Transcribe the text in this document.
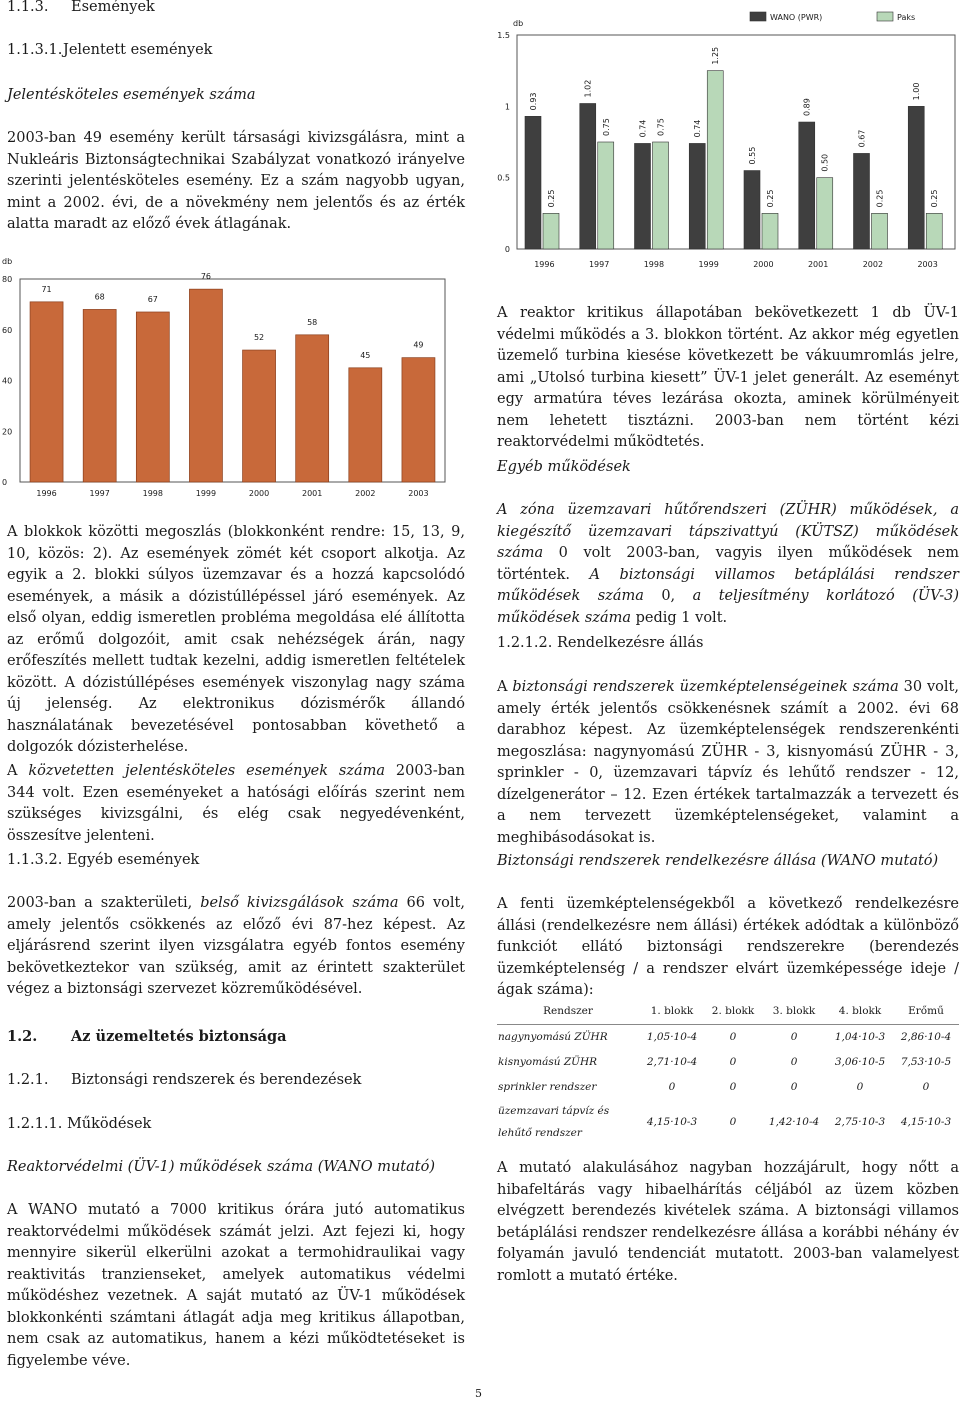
1.1.3. Események
1.1.3.1. Jelentett események
Jelentésköteles események száma

2003-ban 49 esemény került társasági kivizsgálásra, mint a Nukleáris Biztonságtechnikai Szabályzat vonatkozó irányelve szerinti jelentésköteles esemény. Ez a szám nagyobb ugyan, mint a 2002. évi, de a növekmény nem jelentős és az érték alatta maradt az előző évek átlagának.

db
0
20
40
60
80
71
1996
68
1997
67
1998
76
1999
52
2000
58
2001
45
2002
49
2003

A blokkok közötti megoszlás (blokkonként rendre: 15, 13, 9, 10, közös: 2). Az események zömét két csoport alkotja. Az egyik a 2. blokki súlyos üzemzavar és a hozzá kapcsolódó események, a másik a dózistúllépéssel járó események. Az első olyan, eddig ismeretlen probléma megoldása elé állította az erőmű dolgozóit, amit csak nehézségek árán, nagy erőfeszítés mellett tudtak kezelni, addig ismeretlen feltételek között. A dózistúllépéses események viszonylag nagy száma új jelenség. Az elektronikus dózismérők állandó használatának bevezetésével pontosabban követhető a dolgozók dózisterhelése.

A közvetetten jelentésköteles események száma 2003-ban 344 volt. Ezen eseményeket a hatósági előírás szerint nem szükséges kivizsgálni, és elég csak negyedévenként, összesítve jelenteni.

1.1.3.2. Egyéb események

2003-ban a szakterületi, belső kivizsgálások száma 66 volt, amely jelentős csökkenés az előző évi 87-hez képest. Az eljárásrend szerint ilyen vizsgálatra egyéb fontos esemény bekövetkeztekor van szükség, amit az érintett szakterület végez a biztonsági szervezet közreműködésével.

1.2. Az üzemeltetés biztonsága
1.2.1. Biztonsági rendszerek és berendezések
1.2.1.1. Működések
Reaktorvédelmi (ÜV-1) működések száma (WANO mutató)

A WANO mutató a 7000 kritikus órára jutó automatikus reaktorvédelmi működések számát jelzi. Azt fejezi ki, hogy mennyire sikerül elkerülni azokat a termohidraulikai vagy reaktivitás tranzienseket, amelyek automatikus védelmi működéshez vezetnek. A saját mutató az ÜV-1 működések blokkonkénti számtani átlagát adja meg kritikus állapotban, nem csak az automatikus, hanem a kézi működtetéseket is figyelembe véve.

db
0
0.5
1
1.5
WANO (PWR)	Paks
0.93
0.25
1996
1.02
0.75
1997
0.74 0.75
1998
0.74
1.25
1999
0.55
0.25
2000
0.89
0.50
2001
0.67
0.25
2002
1.00
0.25
2003

A reaktor kritikus állapotában bekövetkezett 1 db ÜV-1 védelmi működés a 3. blokkon történt. Az akkor még egyetlen üzemelő turbina kiesése következett be vákuumromlás jelre, ami „Utolsó turbina kiesett” ÜV-1 jelet generált. Az eseményt egy armatúra téves lezárása okozta, aminek körülményeit nem lehetett tisztázni. 2003-ban nem történt kézi reaktorvédelmi működtetés.

Egyéb működések

A zóna üzemzavari hűtőrendszeri (ZÜHR) működések, a kiegészítő üzemzavari tápszivattyú (KÜTSZ) működések száma 0 volt 2003-ban, vagyis ilyen működések nem történtek. A biztonsági villamos betáplálási rendszer működések száma 0, a teljesítmény korlátozó (ÜV-3) működések száma pedig 1 volt.

1.2.1.2. Rendelkezésre állás

A biztonsági rendszerek üzemképtelenségeinek száma 30 volt, amely érték jelentős csökkenésnek számít a 2002. évi 68 darabhoz képest. Az üzemképtelenségek rendszerenkénti megoszlása: nagynyomású ZÜHR - 3, kisnyomású ZÜHR - 3, sprinkler - 0, üzemzavari tápvíz és lehűtő rendszer - 12, dízelgenerátor – 12. Ezen értékek tartalmazzák a tervezett és a nem tervezett üzemképtelenségeket, valamint a meghibásodásokat is.

Biztonsági rendszerek rendelkezésre állása (WANO mutató)

A fenti üzemképtelenségekből a következő rendelkezésre állási (rendelkezésre nem állási) értékek adódtak a különböző funkciót ellátó biztonsági rendszerekre (berendezés üzemképtelenség / a rendszer elvárt üzemképessége ideje / ágak száma):

Rendszer	1. blokk	2. blokk	3. blokk	4. blokk	Erőmű
nagynyomású ZÜHR	1,05·10-4	0	0	1,04·10-3	2,86·10-4
kisnyomású ZÜHR	2,71·10-4	0	0	3,06·10-5	7,53·10-5
sprinkler rendszer	0	0	0	0	0
üzemzavari tápvíz és lehűtő rendszer	4,15·10-3	0	1,42·10-4	2,75·10-3	4,15·10-3

A mutató alakulásához nagyban hozzájárult, hogy nőtt a hibafeltárás vagy hibaelhárítás céljából az üzem közben elvégzett berendezés kivételek száma. A biztonsági villamos betáplálási rendszer rendelkezésre állása a korábbi néhány év folyamán javuló tendenciát mutatott. 2003-ban valamelyest romlott a mutató értéke.

5
